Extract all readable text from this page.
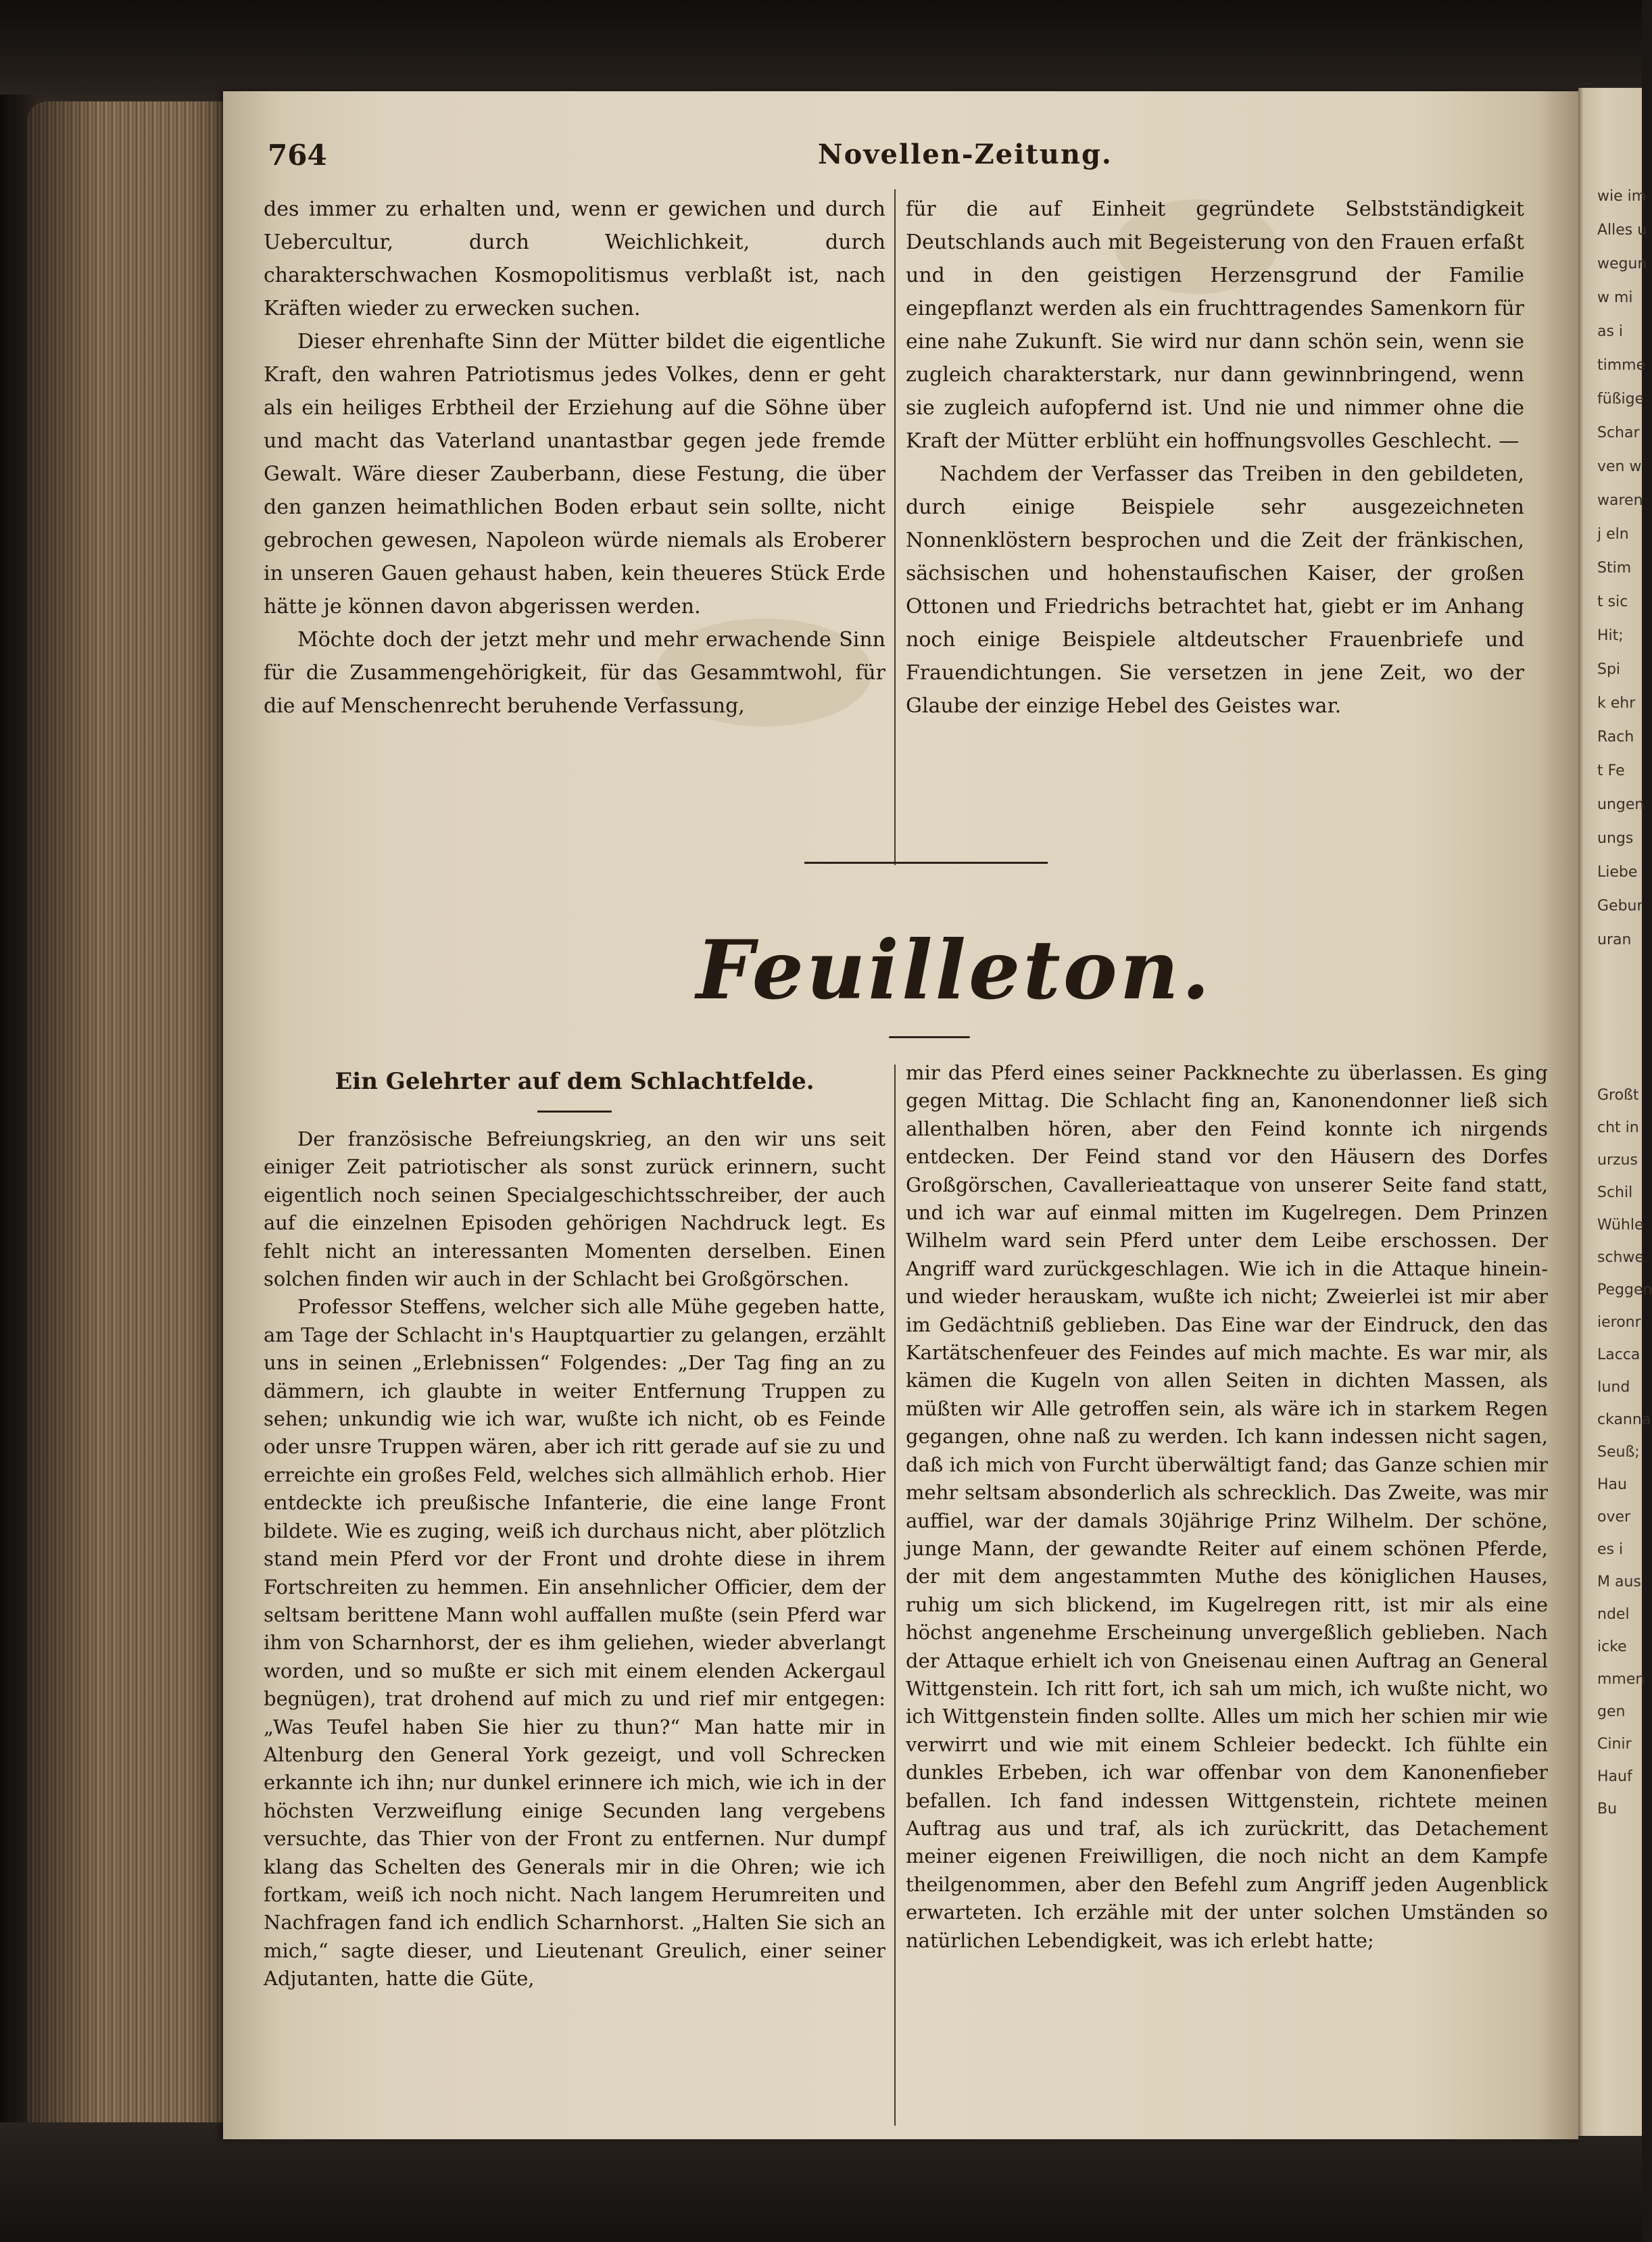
764	Novellen-Zeitung.

des immer zu erhalten und, wenn er gewichen und durch Uebercultur, durch Weichlichkeit, durch charakterschwachen Kosmopolitismus verblaßt ist, nach Kräften wieder zu erwecken suchen.

Dieser ehrenhafte Sinn der Mütter bildet die eigentliche Kraft, den wahren Patriotismus jedes Volkes, denn er geht als ein heiliges Erbtheil der Erziehung auf die Söhne über und macht das Vaterland unantastbar gegen jede fremde Gewalt. Wäre dieser Zauberbann, diese Festung, die über den ganzen heimathlichen Boden erbaut sein sollte, nicht gebrochen gewesen, Napoleon würde niemals als Eroberer in unseren Gauen gehaust haben, kein theueres Stück Erde hätte je können davon abgerissen werden.

Möchte doch der jetzt mehr und mehr erwachende Sinn für die Zusammengehörigkeit, für das Gesammtwohl, für die auf Menschenrecht beruhende Verfassung,

für die auf Einheit gegründete Selbstständigkeit Deutschlands auch mit Begeisterung von den Frauen erfaßt und in den geistigen Herzensgrund der Familie eingepflanzt werden als ein fruchttragendes Samenkorn für eine nahe Zukunft. Sie wird nur dann schön sein, wenn sie zugleich charakterstark, nur dann gewinnbringend, wenn sie zugleich aufopfernd ist. Und nie und nimmer ohne die Kraft der Mütter erblüht ein hoffnungsvolles Geschlecht. —

Nachdem der Verfasser das Treiben in den gebildeten, durch einige Beispiele sehr ausgezeichneten Nonnenklöstern besprochen und die Zeit der fränkischen, sächsischen und hohenstaufischen Kaiser, der großen Ottonen und Friedrichs betrachtet hat, giebt er im Anhang noch einige Beispiele altdeutscher Frauenbriefe und Frauendichtungen. Sie versetzen in jene Zeit, wo der Glaube der einzige Hebel des Geistes war.

Feuilleton.
Ein Gelehrter auf dem Schlachtfelde.

Der französische Befreiungskrieg, an den wir uns seit einiger Zeit patriotischer als sonst zurück erinnern, sucht eigentlich noch seinen Specialgeschichtsschreiber, der auch auf die einzelnen Episoden gehörigen Nachdruck legt. Es fehlt nicht an interessanten Momenten derselben. Einen solchen finden wir auch in der Schlacht bei Großgörschen.

Professor Steffens, welcher sich alle Mühe gegeben hatte, am Tage der Schlacht in's Hauptquartier zu gelangen, erzählt uns in seinen „Erlebnissen“ Folgendes: „Der Tag fing an zu dämmern, ich glaubte in weiter Entfernung Truppen zu sehen; unkundig wie ich war, wußte ich nicht, ob es Feinde oder unsre Truppen wären, aber ich ritt gerade auf sie zu und erreichte ein großes Feld, welches sich allmählich erhob. Hier entdeckte ich preußische Infanterie, die eine lange Front bildete. Wie es zuging, weiß ich durchaus nicht, aber plötzlich stand mein Pferd vor der Front und drohte diese in ihrem Fortschreiten zu hemmen. Ein ansehnlicher Officier, dem der seltsam berittene Mann wohl auffallen mußte (sein Pferd war ihm von Scharnhorst, der es ihm geliehen, wieder abverlangt worden, und so mußte er sich mit einem elenden Ackergaul begnügen), trat drohend auf mich zu und rief mir entgegen: „Was Teufel haben Sie hier zu thun?“ Man hatte mir in Altenburg den General York gezeigt, und voll Schrecken erkannte ich ihn; nur dunkel erinnere ich mich, wie ich in der höchsten Verzweiflung einige Secunden lang vergebens versuchte, das Thier von der Front zu entfernen. Nur dumpf klang das Schelten des Generals mir in die Ohren; wie ich fortkam, weiß ich noch nicht. Nach langem Herumreiten und Nachfragen fand ich endlich Scharnhorst. „Halten Sie sich an mich,“ sagte dieser, und Lieutenant Greulich, einer seiner Adjutanten, hatte die Güte,

mir das Pferd eines seiner Packknechte zu überlassen. Es ging gegen Mittag. Die Schlacht fing an, Kanonendonner ließ sich allenthalben hören, aber den Feind konnte ich nirgends entdecken. Der Feind stand vor den Häusern des Dorfes Großgörschen, Cavallerieattaque von unserer Seite fand statt, und ich war auf einmal mitten im Kugelregen. Dem Prinzen Wilhelm ward sein Pferd unter dem Leibe erschossen. Der Angriff ward zurückgeschlagen. Wie ich in die Attaque hinein- und wieder herauskam, wußte ich nicht; Zweierlei ist mir aber im Gedächtniß geblieben. Das Eine war der Eindruck, den das Kartätschenfeuer des Feindes auf mich machte. Es war mir, als kämen die Kugeln von allen Seiten in dichten Massen, als müßten wir Alle getroffen sein, als wäre ich in starkem Regen gegangen, ohne naß zu werden. Ich kann indessen nicht sagen, daß ich mich von Furcht überwältigt fand; das Ganze schien mir mehr seltsam absonderlich als schrecklich. Das Zweite, was mir auffiel, war der damals 30jährige Prinz Wilhelm. Der schöne, junge Mann, der gewandte Reiter auf einem schönen Pferde, der mit dem angestammten Muthe des königlichen Hauses, ruhig um sich blickend, im Kugelregen ritt, ist mir als eine höchst angenehme Erscheinung unvergeßlich geblieben. Nach der Attaque erhielt ich von Gneisenau einen Auftrag an General Wittgenstein. Ich ritt fort, ich sah um mich, ich wußte nicht, wo ich Wittgenstein finden sollte. Alles um mich her schien mir wie verwirrt und wie mit einem Schleier bedeckt. Ich fühlte ein dunkles Erbeben, ich war offenbar von dem Kanonenfieber befallen. Ich fand indessen Wittgenstein, richtete meinen Auftrag aus und traf, als ich zurückritt, das Detachement meiner eigenen Freiwilligen, die noch nicht an dem Kampfe theilgenommen, aber den Befehl zum Angriff jeden Augenblick erwarteten. Ich erzähle mit der unter solchen Umständen so natürlichen Lebendigkeit, was ich erlebt hatte;

wie im
Alles u
wegun
w mi
as i
timme
füßige
Schar
ven w
waren
j eln
Stim
t sic
Hit;
Spi
k ehr
Rach
t Fe
ungen
ungs
Liebe
Gebur
uran
Großt
cht in
urzus
Schil
Wühle
schwe
Peggen
ieronr
Lacca
Iund
ckanna
Seuß;
Hau
over
es i
M aus
ndel
icke
mmen
gen
Cinir
Hauf
Bu
